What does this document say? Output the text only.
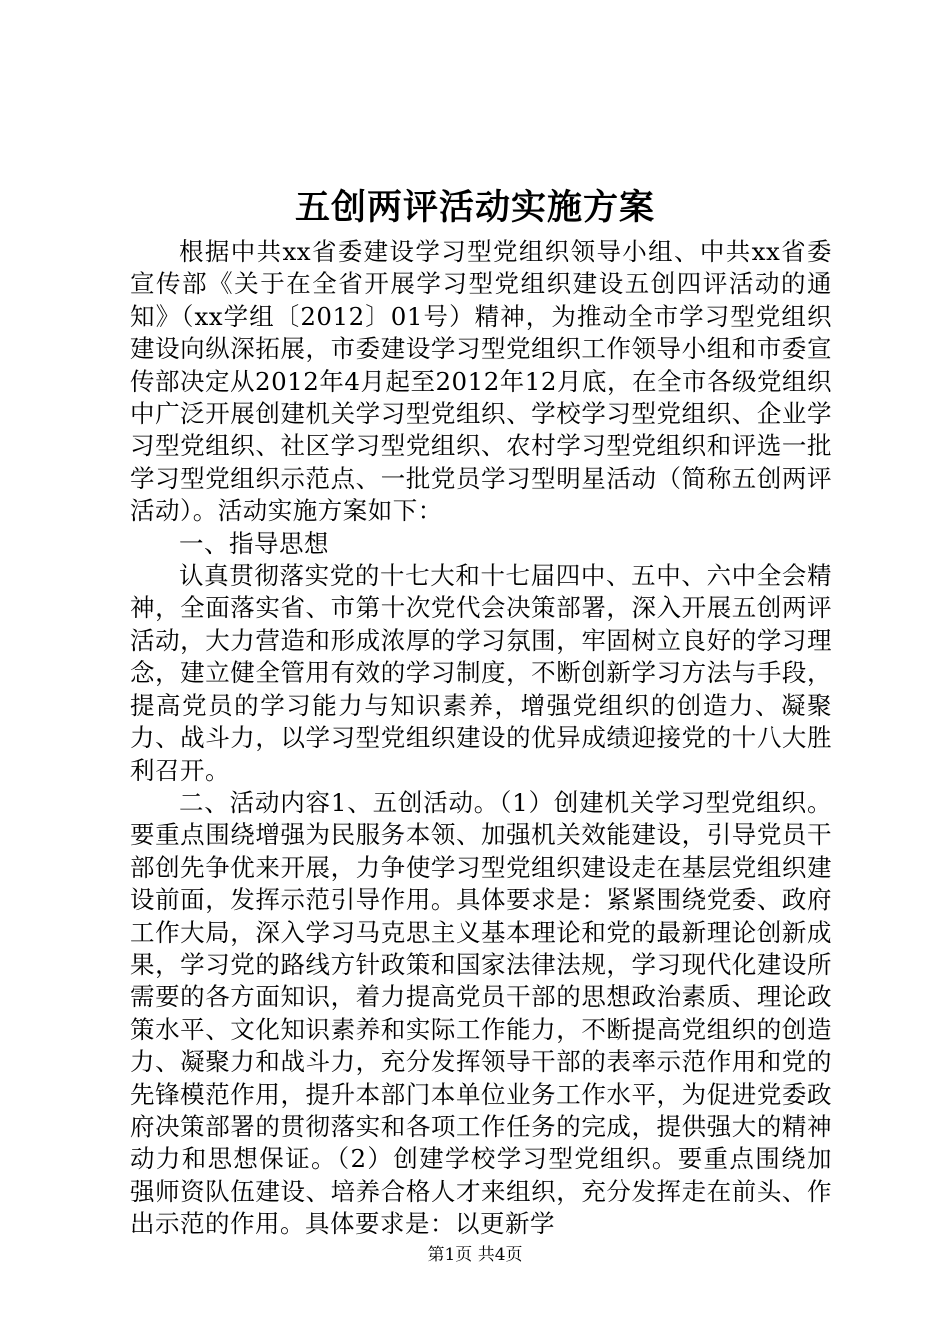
五创两评活动实施方案

根据中共xx省委建设学习型党组织领导小组、中共xx省委宣传部《关于在全省开展学习型党组织建设五创四评活动的通知》（xx学组〔2012〕01号）精神，为推动全市学习型党组织建设向纵深拓展，市委建设学习型党组织工作领导小组和市委宣传部决定从2012年4月起至2012年12月底，在全市各级党组织中广泛开展创建机关学习型党组织、学校学习型党组织、企业学习型党组织、社区学习型党组织、农村学习型党组织和评选一批学习型党组织示范点、一批党员学习型明星活动（简称五创两评活动）。活动实施方案如下：

一、指导思想

认真贯彻落实党的十七大和十七届四中、五中、六中全会精神，全面落实省、市第十次党代会决策部署，深入开展五创两评活动，大力营造和形成浓厚的学习氛围，牢固树立良好的学习理念，建立健全管用有效的学习制度，不断创新学习方法与手段，提高党员的学习能力与知识素养，增强党组织的创造力、凝聚力、战斗力，以学习型党组织建设的优异成绩迎接党的十八大胜利召开。

二、活动内容1、五创活动。（1）创建机关学习型党组织。要重点围绕增强为民服务本领、加强机关效能建设，引导党员干部创先争优来开展，力争使学习型党组织建设走在基层党组织建设前面，发挥示范引导作用。具体要求是：紧紧围绕党委、政府工作大局，深入学习马克思主义基本理论和党的最新理论创新成果，学习党的路线方针政策和国家法律法规，学习现代化建设所需要的各方面知识，着力提高党员干部的思想政治素质、理论政策水平、文化知识素养和实际工作能力，不断提高党组织的创造力、凝聚力和战斗力，充分发挥领导干部的表率示范作用和党的先锋模范作用，提升本部门本单位业务工作水平，为促进党委政府决策部署的贯彻落实和各项工作任务的完成，提供强大的精神动力和思想保证。（2）创建学校学习型党组织。要重点围绕加强师资队伍建设、培养合格人才来组织，充分发挥走在前头、作出示范的作用。具体要求是：以更新学

第1页 共4页
